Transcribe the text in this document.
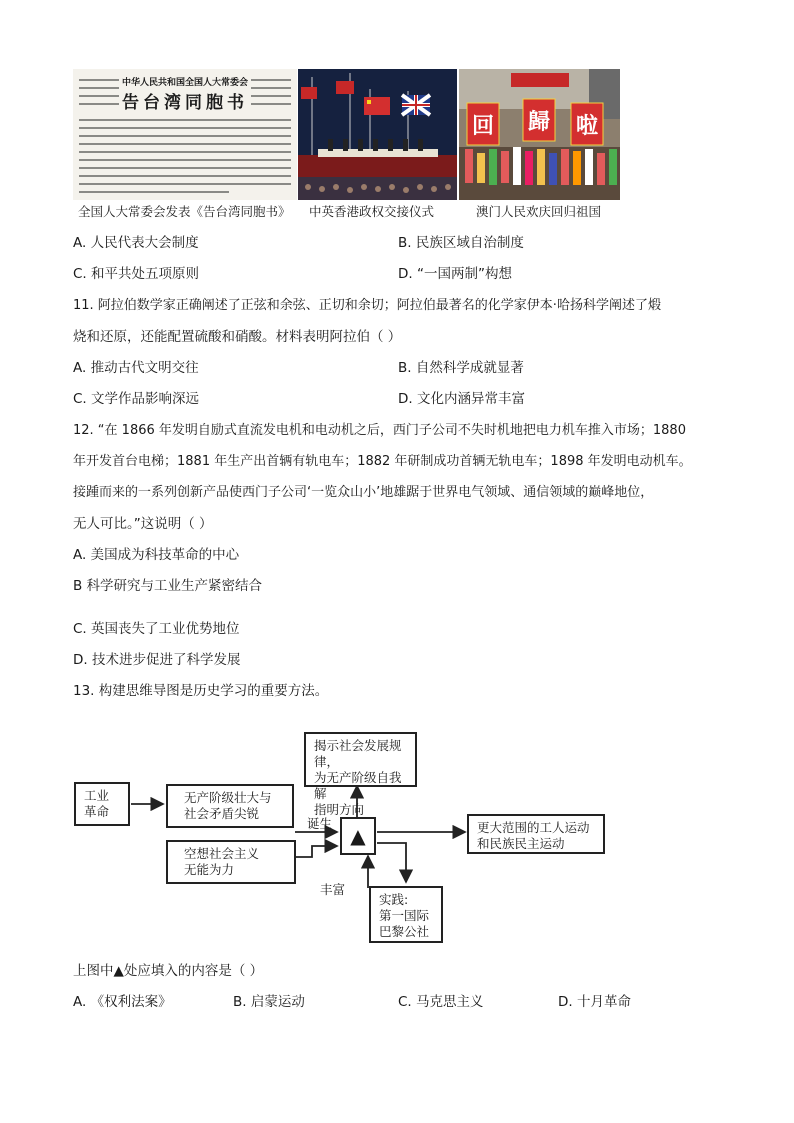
中华人民共和国全国人大常委会
告台湾同胞书
回 歸 啦
全国人大常委会发表《告台湾同胞书》 中英香港政权交接仪式	澳门人民欢庆回归祖国
A. 人民代表大会制度	B. 民族区域自治制度
C. 和平共处五项原则	D. “一国两制”构想
11. 阿拉伯数学家正确阐述了正弦和余弦、正切和余切；阿拉伯最著名的化学家伊本·哈扬科学阐述了煅
烧和还原，还能配置硫酸和硝酸。材料表明阿拉伯（ ）
A. 推动古代文明交往	B. 自然科学成就显著
C. 文学作品影响深远	D. 文化内涵异常丰富
12. “在 1866 年发明自励式直流发电机和电动机之后，西门子公司不失时机地把电力机车推入市场；1880
年开发首台电梯；1881 年生产出首辆有轨电车；1882 年研制成功首辆无轨电车；1898 年发明电动机车。
接踵而来的一系列创新产品使西门子公司‘一览众山小’地雄踞于世界电气领域、通信领域的巅峰地位，
无人可比。”这说明（ ）
A. 美国成为科技革命的中心
B 科学研究与工业生产紧密结合
C. 英国丧失了工业优势地位
D. 技术进步促进了科学发展
13. 构建思维导图是历史学习的重要方法。
工业
革命
无产阶级壮大与
社会矛盾尖锐
空想社会主义
无能为力
揭示社会发展规律，
为无产阶级自我解
指明方向
▲	更大范围的工人运动
和民族民主运动
实践:
第一国际
巴黎公社
诞生
丰富
上图中▲处应填入的内容是（ ）
A. 《权利法案》	B. 启蒙运动	C. 马克思主义	D. 十月革命
